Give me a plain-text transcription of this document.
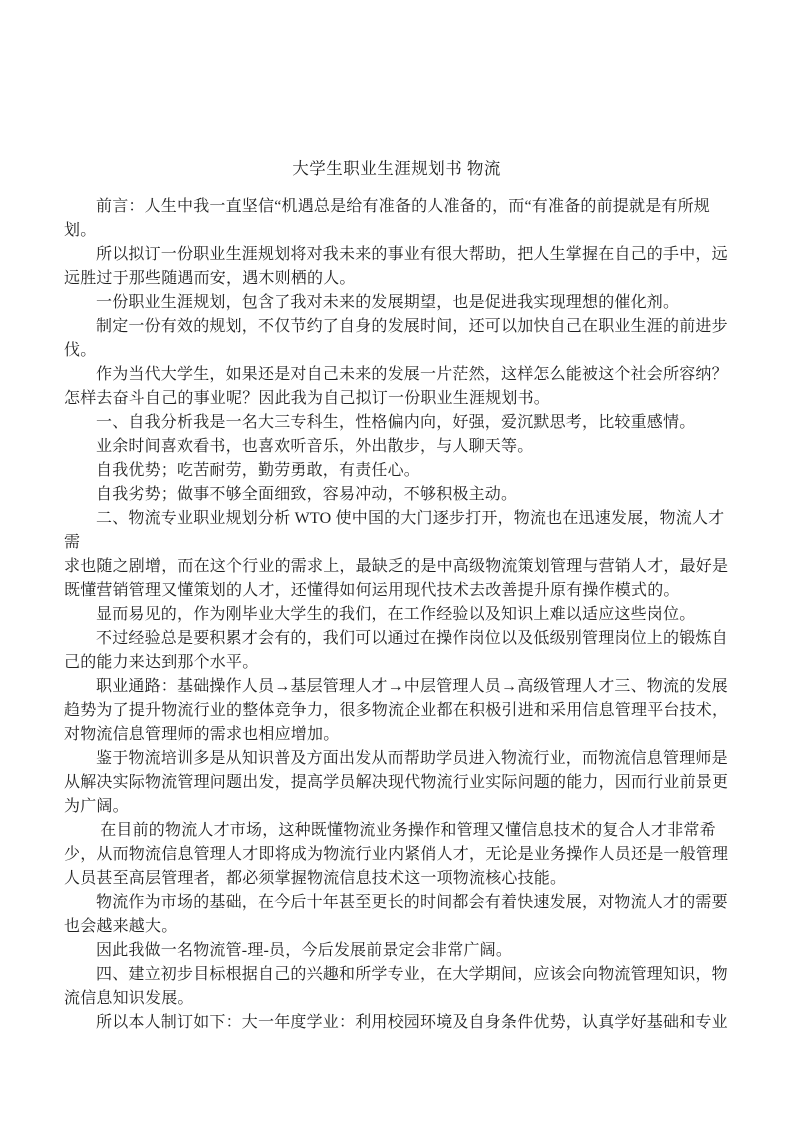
大学生职业生涯规划书 物流
前言：人生中我一直坚信“机遇总是给有准备的人准备的，而“有准备的前提就是有所规
划。
所以拟订一份职业生涯规划将对我未来的事业有很大帮助，把人生掌握在自己的手中，远
远胜过于那些随遇而安，遇木则栖的人。
一份职业生涯规划，包含了我对未来的发展期望，也是促进我实现理想的催化剂。
制定一份有效的规划，不仅节约了自身的发展时间，还可以加快自己在职业生涯的前进步
伐。
作为当代大学生，如果还是对自己未来的发展一片茫然，这样怎么能被这个社会所容纳？
怎样去奋斗自己的事业呢？因此我为自己拟订一份职业生涯规划书。
一、自我分析我是一名大三专科生，性格偏内向，好强，爱沉默思考，比较重感情。
业余时间喜欢看书，也喜欢听音乐，外出散步，与人聊天等。
自我优势；吃苦耐劳，勤劳勇敢，有责任心。
自我劣势；做事不够全面细致，容易冲动，不够积极主动。
二、物流专业职业规划分析 WTO 使中国的大门逐步打开，物流也在迅速发展，物流人才需
求也随之剧增，而在这个行业的需求上，最缺乏的是中高级物流策划管理与营销人才，最好是
既懂营销管理又懂策划的人才，还懂得如何运用现代技术去改善提升原有操作模式的。
显而易见的，作为刚毕业大学生的我们，在工作经验以及知识上难以适应这些岗位。
不过经验总是要积累才会有的，我们可以通过在操作岗位以及低级别管理岗位上的锻炼自
己的能力来达到那个水平。
职业通路：基础操作人员→基层管理人才→中层管理人员→高级管理人才三、物流的发展
趋势为了提升物流行业的整体竞争力，很多物流企业都在积极引进和采用信息管理平台技术，
对物流信息管理师的需求也相应增加。
鉴于物流培训多是从知识普及方面出发从而帮助学员进入物流行业，而物流信息管理师是
从解决实际物流管理问题出发，提高学员解决现代物流行业实际问题的能力，因而行业前景更
为广阔。
在目前的物流人才市场，这种既懂物流业务操作和管理又懂信息技术的复合人才非常希
少，从而物流信息管理人才即将成为物流行业内紧俏人才，无论是业务操作人员还是一般管理
人员甚至高层管理者，都必须掌握物流信息技术这一项物流核心技能。
物流作为市场的基础，在今后十年甚至更长的时间都会有着快速发展，对物流人才的需要
也会越来越大。
因此我做一名物流管-理-员，今后发展前景定会非常广阔。
四、建立初步目标根据自己的兴趣和所学专业，在大学期间，应该会向物流管理知识，物
流信息知识发展。
所以本人制订如下：大一年度学业：利用校园环境及自身条件优势，认真学好基础和专业
